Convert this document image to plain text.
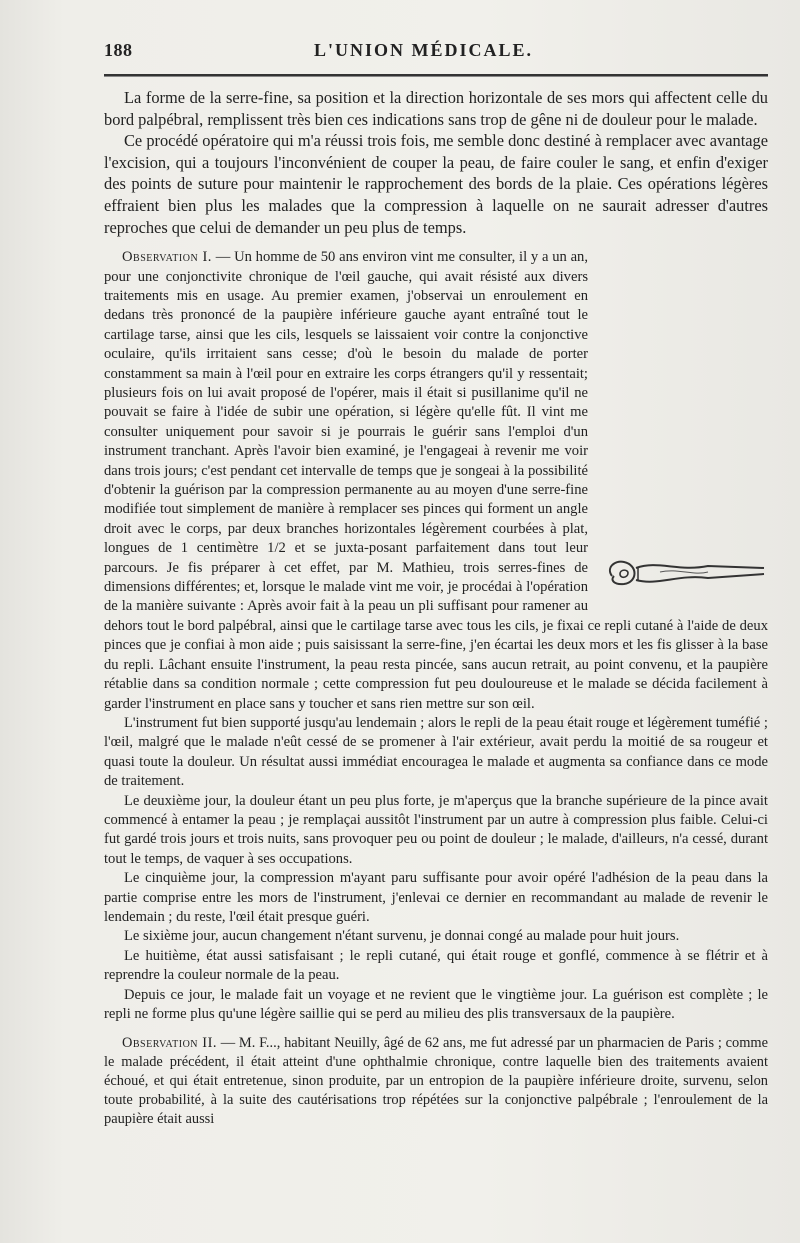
188	L'UNION MÉDICALE.

La forme de la serre-fine, sa position et la direction horizontale de ses mors qui affectent celle du bord palpébral, remplissent très bien ces indications sans trop de gêne ni de douleur pour le malade.

Ce procédé opératoire qui m'a réussi trois fois, me semble donc destiné à remplacer avec avantage l'excision, qui a toujours l'inconvénient de couper la peau, de faire couler le sang, et enfin d'exiger des points de suture pour maintenir le rapprochement des bords de la plaie. Ces opérations légères effraient bien plus les malades que la compression à laquelle on ne saurait adresser d'autres reproches que celui de demander un peu plus de temps.

Observation I. — Un homme de 50 ans environ vint me consulter, il y a un an, pour une conjonctivite chronique de l'œil gauche, qui avait résisté aux divers traitements mis en usage. Au premier examen, j'observai un enroulement en dedans très prononcé de la paupière inférieure gauche ayant entraîné tout le cartilage tarse, ainsi que les cils, lesquels se laissaient voir contre la conjonctive oculaire, qu'ils irritaient sans cesse; d'où le besoin du malade de porter constamment sa main à l'œil pour en extraire les corps étrangers qu'il y ressentait; plusieurs fois on lui avait proposé de l'opérer, mais il était si pusillanime qu'il ne pouvait se faire à l'idée de subir une opération, si légère qu'elle fût. Il vint me consulter uniquement pour savoir si je pourrais le guérir sans l'emploi d'un instrument tranchant. Après l'avoir bien examiné, je l'engageai à revenir me voir dans trois jours; c'est pendant cet intervalle de temps que je songeai à la possibilité d'obtenir la guérison par la compression permanente au au moyen d'une serre-fine modifiée tout simplement de manière à remplacer ses pinces qui forment un angle droit avec le corps, par deux branches horizontales légèrement courbées à plat, longues de 1 centimètre 1/2 et se juxta-posant parfaitement dans tout leur parcours. Je fis préparer à cet effet, par M. Mathieu, trois serres-fines de dimensions différentes; et, lorsque le malade vint me voir, je procédai à l'opération de la manière suivante : Après avoir fait à la peau un pli suffisant pour ramener au dehors tout le bord palpébral, ainsi que le cartilage tarse avec tous les cils, je fixai ce repli cutané à l'aide de deux pinces que je confiai à mon aide ; puis saisissant la serre-fine, j'en écartai les deux mors et les fis glisser à la base du repli. Lâchant ensuite l'instrument, la peau resta pincée, sans aucun retrait, au point convenu, et la paupière rétablie dans sa condition normale ; cette compression fut peu douloureuse et le malade se décida facilement à garder l'instrument en place sans y toucher et sans rien mettre sur son œil.

L'instrument fut bien supporté jusqu'au lendemain ; alors le repli de la peau était rouge et légèrement tuméfié ; l'œil, malgré que le malade n'eût cessé de se promener à l'air extérieur, avait perdu la moitié de sa rougeur et quasi toute la douleur. Un résultat aussi immédiat encouragea le malade et augmenta sa confiance dans ce mode de traitement.

Le deuxième jour, la douleur étant un peu plus forte, je m'aperçus que la branche supérieure de la pince avait commencé à entamer la peau ; je remplaçai aussitôt l'instrument par un autre à compression plus faible. Celui-ci fut gardé trois jours et trois nuits, sans provoquer peu ou point de douleur ; le malade, d'ailleurs, n'a cessé, durant tout le temps, de vaquer à ses occupations.

Le cinquième jour, la compression m'ayant paru suffisante pour avoir opéré l'adhésion de la peau dans la partie comprise entre les mors de l'instrument, j'enlevai ce dernier en recommandant au malade de revenir le lendemain ; du reste, l'œil était presque guéri.

Le sixième jour, aucun changement n'étant survenu, je donnai congé au malade pour huit jours.

Le huitième, état aussi satisfaisant ; le repli cutané, qui était rouge et gonflé, commence à se flétrir et à reprendre la couleur normale de la peau.

Depuis ce jour, le malade fait un voyage et ne revient que le vingtième jour. La guérison est complète ; le repli ne forme plus qu'une légère saillie qui se perd au milieu des plis transversaux de la paupière.

Observation II. — M. F..., habitant Neuilly, âgé de 62 ans, me fut adressé par un pharmacien de Paris ; comme le malade précédent, il était atteint d'une ophthalmie chronique, contre laquelle bien des traitements avaient échoué, et qui était entretenue, sinon produite, par un entropion de la paupière inférieure droite, survenu, selon toute probabilité, à la suite des cautérisations trop répétées sur la conjonctive palpébrale ; l'enroulement de la paupière était aussi
